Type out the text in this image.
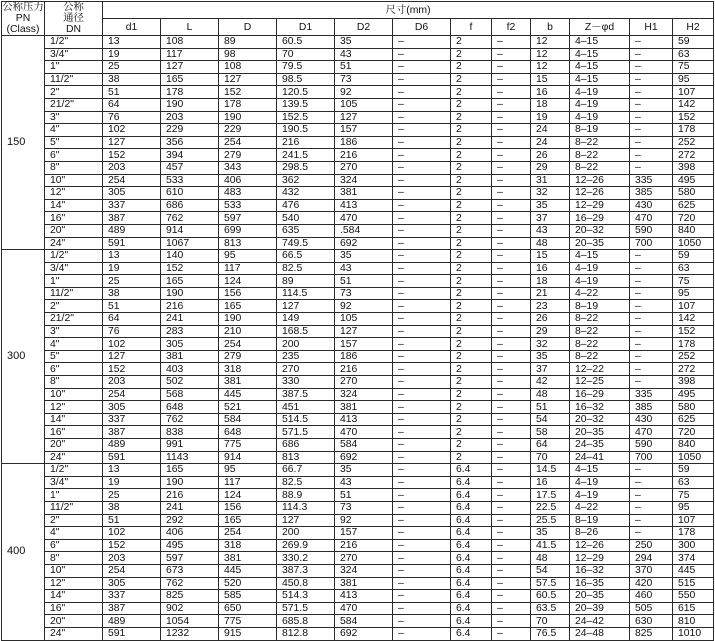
公称压力
PN
(Class)	公称
通径
DN	尺寸(mm)											
		d1	L	D	D1	D2	D6	f	f2	b	Z－φd	H1	H2
150	1/2"	13	108	89	60.5	35	–	2	–	12	4–15	–	59
	3/4"	19	117	98	70	43	–	2	–	12	4–15	–	63
	1"	25	127	108	79.5	51	–	2	–	12	4–15	–	75
	11/2"	38	165	127	98.5	73	–	2	–	15	4–15	–	95
	2"	51	178	152	120.5	92	–	2	–	16	4–19	–	107
	21/2"	64	190	178	139.5	105	–	2	–	18	4–19	–	142
	3"	76	203	190	152.5	127	–	2	–	19	4–19	–	152
	4"	102	229	229	190.5	157	–	2	–	24	8–19	–	178
	5"	127	356	254	216	186	–	2	–	24	8–22	–	252
	6"	152	394	279	241.5	216	–	2	–	26	8–22	–	272
	8"	203	457	343	298.5	270	–	2	–	29	8–22	–	398
	10"	254	533	406	362	324	–	2	–	31	12–26	335	495
	12"	305	610	483	432	381	–	2	–	32	12–26	385	580
	14"	337	686	533	476	413	–	2	–	35	12–29	430	625
	16"	387	762	597	540	470	–	2	–	37	16–29	470	720
	20"	489	914	699	635	.584	–	2	–	43	20–32	590	840
	24"	591	1067	813	749.5	692	–	2	–	48	20–35	700	1050
300	1/2"	13	140	95	66.5	35	–	2	–	15	4–15	–	59
	3/4"	19	152	117	82.5	43	–	2	–	16	4–19	–	63
	1"	25	165	124	89	51	–	2	–	18	4–19	–	75
	11/2"	38	190	156	114.5	73	–	2	–	21	4–22	–	95
	2"	51	216	165	127	92	–	2	–	23	8–19	–	107
	21/2"	64	241	190	149	105	–	2	–	26	8–22	–	142
	3"	76	283	210	168.5	127	–	2	–	29	8–22	–	152
	4"	102	305	254	200	157	–	2	–	32	8–22	–	178
	5"	127	381	279	235	186	–	2	–	35	8–22	–	252
	6"	152	403	318	270	216	–	2	–	37	12–22	–	272
	8"	203	502	381	330	270	–	2	–	42	12–25	–	398
	10"	254	568	445	387.5	324	–	2	–	48	16–29	335	495
	12"	305	648	521	451	381	–	2	–	51	16–32	385	580
	14"	337	762	584	514.5	413	–	2	–	54	20–32	430	625
	16"	387	838	648	571.5	470	–	2	–	58	20–35	470	720
	20"	489	991	775	686	584	–	2	–	64	24–35	590	840
	24"	591	1143	914	813	692	–	2	–	70	24–41	700	1050
400	1/2"	13	165	95	66.7	35	–	6.4	–	14.5	4–15	–	59
	3/4"	19	190	117	82.5	43	–	6.4	–	16	4–19	–	63
	1"	25	216	124	88.9	51	–	6.4	–	17.5	4–19	–	75
	11/2"	38	241	156	114.3	73	–	6.4	–	22.5	4–22	–	95
	2"	51	292	165	127	92	–	6.4	–	25.5	8–19	–	107
	4"	102	406	254	200	157	–	6.4	–	35	8–26	–	178
	6"	152	495	318	269.9	216	–	6.4	–	41.5	12–26	250	300
	8"	203	597	381	330.2	270	–	6.4	–	48	12–29	294	374
	10"	254	673	445	387.3	324	–	6.4	–	54	16–32	370	445
	12"	305	762	520	450.8	381	–	6.4	–	57.5	16–35	420	515
	14"	337	825	585	514.3	413	–	6.4	–	60.5	20–35	460	550
	16"	387	902	650	571.5	470	–	6.4	–	63.5	20–39	505	615
	20"	489	1054	775	685.8	584	–	6.4	–	70	24–42	630	810
	24"	591	1232	915	812.8	692	–	6.4	–	76.5	24–48	825	1010
